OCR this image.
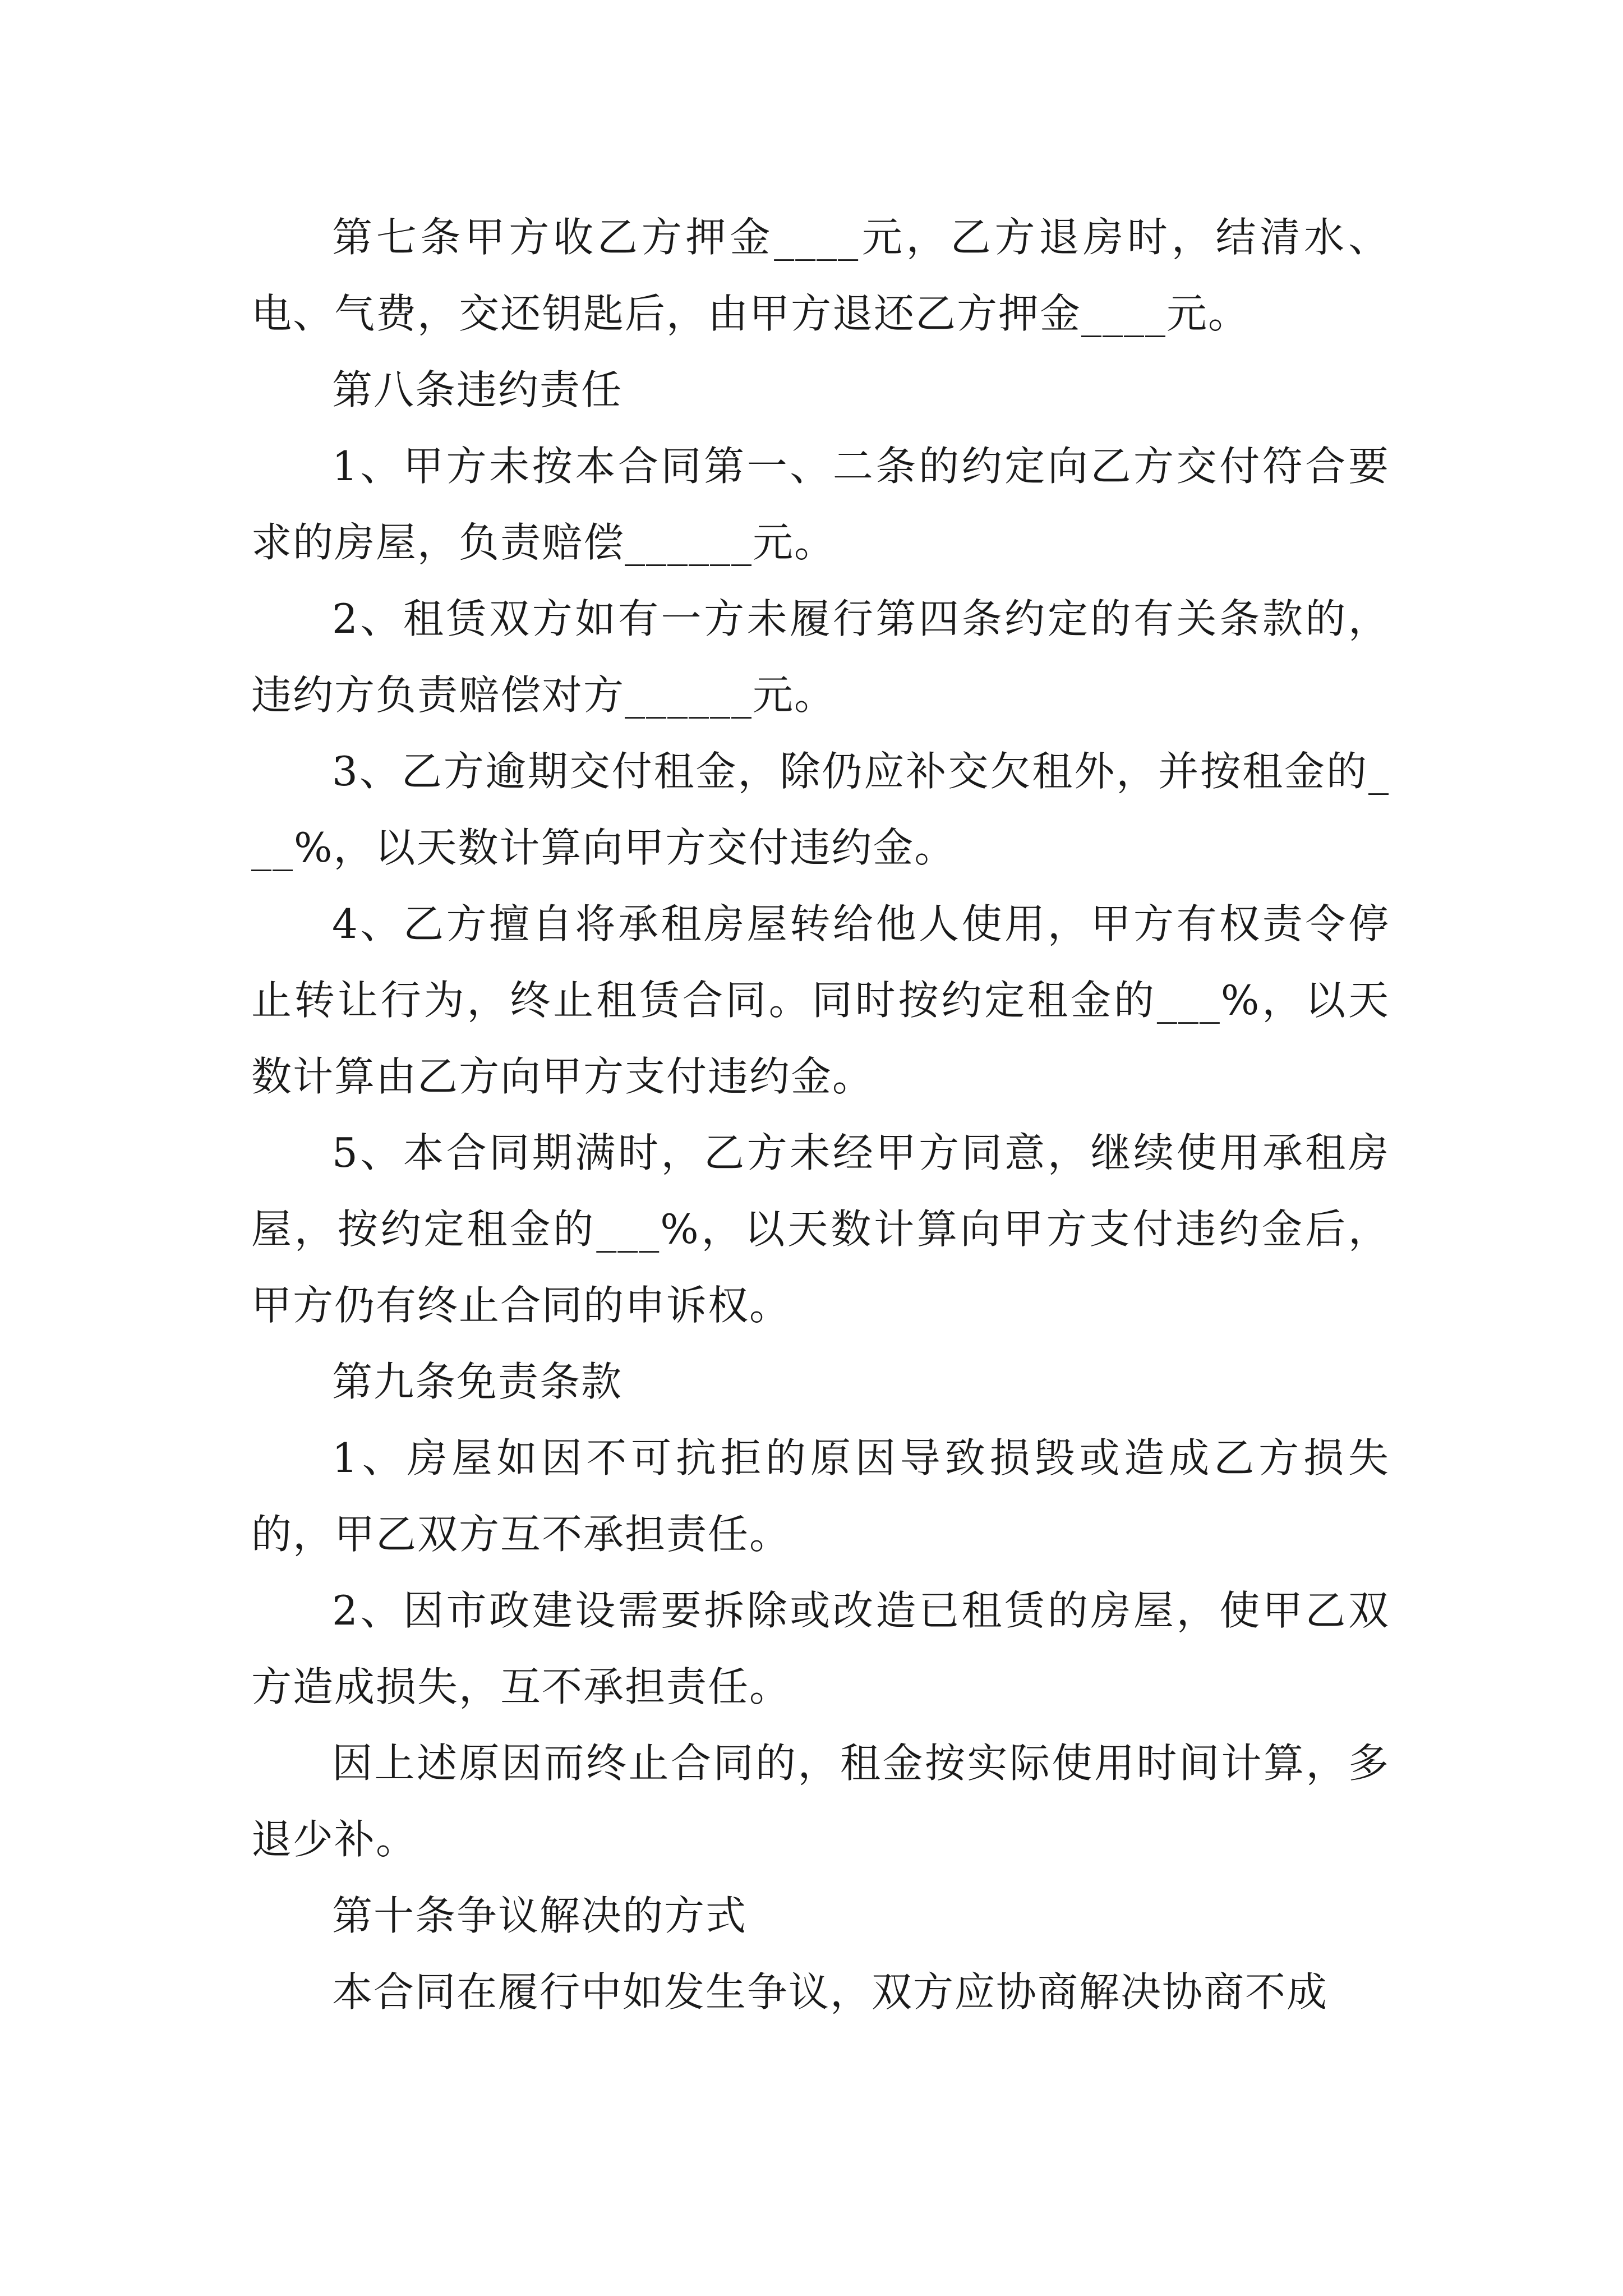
第七条甲方收乙方押金____元，乙方退房时，结清水、电、气费，交还钥匙后，由甲方退还乙方押金____元。

第八条违约责任

1、甲方未按本合同第一、二条的约定向乙方交付符合要求的房屋，负责赔偿______元。

2、租赁双方如有一方未履行第四条约定的有关条款的，违约方负责赔偿对方______元。

3、乙方逾期交付租金，除仍应补交欠租外，并按租金的___%，以天数计算向甲方交付违约金。

4、乙方擅自将承租房屋转给他人使用，甲方有权责令停止转让行为，终止租赁合同。同时按约定租金的___%，以天数计算由乙方向甲方支付违约金。

5、本合同期满时，乙方未经甲方同意，继续使用承租房屋，按约定租金的___%，以天数计算向甲方支付违约金后，甲方仍有终止合同的申诉权。

第九条免责条款

1、房屋如因不可抗拒的原因导致损毁或造成乙方损失的，甲乙双方互不承担责任。

2、因市政建设需要拆除或改造已租赁的房屋，使甲乙双方造成损失，互不承担责任。

因上述原因而终止合同的，租金按实际使用时间计算，多退少补。

第十条争议解决的方式

本合同在履行中如发生争议，双方应协商解决协商不成
